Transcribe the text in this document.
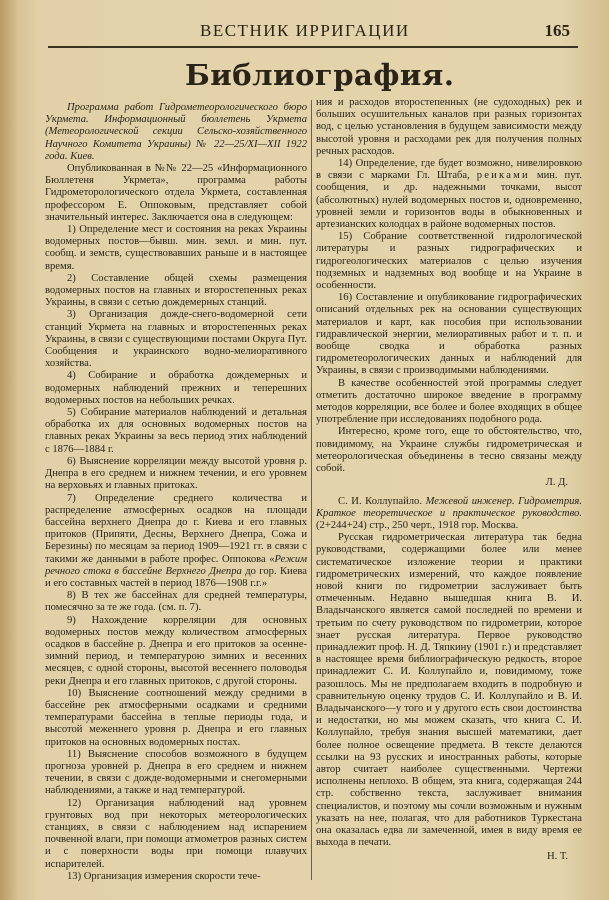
ВЕСТНИК ИРРИГАЦИИ	165
Библиография.

Программа работ Гидрометеорологического бюро Укрмета. Информационный бюллетень Укрмета (Метеорологической секции Сельско-хозяйственного Научного Комитета Украины) № 22—25/XI—XII 1922 года. Киев.

Опубликованная в №№ 22—25 «Информационного Бюллетеня Укрмета», программа работы Гидрометорологического отдела Укрмета, составленная профессором Е. Оппоковым, представляет собой значительный интерес. Заключается она в следующем:

1) Определение мест и состояния на реках Украины водомерных постов—бывш. мин. земл. и мин. пут. сообщ. и земств, существовавших раньше и в настоящее время.

2) Составление общей схемы размещения водомерных постов на главных и второстепенных реках Украины, в связи с сетью дождемерных станций.

3) Организация дожде-снего-водомерной сети станций Укрмета на главных и второстепенных реках Украины, в связи с существующими постами Округа Пут. Сообщения и украинского водно-мелиоративного хозяйства.

4) Собирание и обработка дождемерных и водомерных наблюдений прежних и теперешних водомерных постов на небольших речках.

5) Собирание материалов наблюдений и детальная обработка их для основных водомерных постов на главных реках Украины за весь период этих наблюдений с 1876—1884 г.

6) Выяснение корреляции между высотой уровня р. Днепра в его среднем и нижнем течении, и его уровнем на верховьях и главных притоках.

7) Определение среднего количества и распределение атмосферных осадков на площади бассейна верхнего Днепра до г. Киева и его главных притоков (Припяти, Десны, Верхнего Днепра, Сожа и Березины) по месяцам за период 1909—1921 гг. в связи с такими же данными в работе профес. Оппокова «Режим речного стока в бассейне Верхнего Днепра до гор. Киева и его составных частей в период 1876—1908 г.г.»

8) В тех же бассейнах для средней температуры, помесячно за те же года. (см. п. 7).

9) Нахождение корреляции для основных водомерных постов между количеством атмосферных осадков в бассейне р. Днепра и его притоков за осенне-зимний период, и температурою зимних и весенних месяцев, с одной стороны, высотой весеннего половодья реки Днепра и его главных притоков, с другой стороны.

10) Выяснение соотношений между средними в бассейне рек атмосферными осадками и средними температурами бассейна в теплые периоды года, и высотой меженнего уровня р. Днепра и его главных притоков на основных водомерных постах.

11) Выяснение способов возможного в будущем прогноза уровней р. Днепра в его среднем и нижнем течении, в связи с дожде-водомерными и снегомерными наблюдениями, а также и над температурой.

12) Организация наблюдений над уровнем грунтовых вод при некоторых метеорологических станциях, в связи с наблюдением над испарением почвенной влаги, при помощи атмометров разных систем и с поверхности воды при помощи плавучих испарителей.

13) Организация измерения скорости тече-

ния и расходов второстепенных (не судоходных) рек и больших осушительных каналов при разных горизонтах вод, с целью установления в будущем зависимости между высотой уровня и расходами рек для получения полных речных расходов.

14) Определение, где будет возможно, нивелировкою в связи с марками Гл. Штаба, реиками мин. пут. сообщения, и др. надежными точками, высот (абсолютных) нулей водомерных постов и, одновременно, уровней земли и горизонтов воды в обыкновенных и артезианских колодцах в районе водомерных постов.

15) Собрание соответственной гидрологической литературы и разных гидрографических и гидрогеологических материалов с целью изучения подземных и надземных вод вообще и на Украине в особенности.

16) Составление и опубликование гидрографических описаний отдельных рек на основании существующих материалов и карт, как пособия при использовании гидравлической энергии, мелиоративных работ и т. п. и вообще сводка и обработка разных гидрометеорологических данных и наблюдений для Украины, в связи с производимыми наблюдениями.

В качестве особенностей этой программы следует отметить достаточно широкое введение в программу методов корреляции, все более и более входящих в общее употребление при исследованиях подобного рода.

Интересно, кроме того, еще то обстоятельство, что, повидимому, на Украине службы гидрометрическая и метеорологическая объединены в тесно связаны между собой.

Л. Д.

С. И. Коллупайло. Межевой инженер. Гидрометрия. Краткое теоретическое и практическое руководство. (2+244+24) стр., 250 черт., 1918 гор. Москва.

Русская гидрометрическая литература так бедна руководствами, содержащими более или менее систематическое изложение теории и практики гидрометрических измерений, что каждое появление новой книги по гидрометрии заслуживает быть отмеченным. Недавно вышедшая книга В. И. Владычанского является самой последней по времени и третьим по счету руководством по гидрометрии, которое знает русская литература. Первое руководство принадлежит проф. Н. Д. Тяпкину (1901 г.) и представляет в настоящее время библиографическую редкость, второе принадлежит С. И. Коллупайло и, повидимому, тоже разошлось. Мы не предполагаем входить в подробную и сравнительную оценку трудов С. И. Коллупайло и В. И. Владычанского—у того и у другого есть свои достоинства и недостатки, но мы можем сказать, что книга С. И. Коллупайло, требуя знания высшей математики, дает более полное освещение предмета. В тексте делаются ссылки на 93 русских и иностранных работы, которые автор считает наиболее существенными. Чертежи исполнены неплохо. В общем, эта книга, содержащая 244 стр. собственно текста, заслуживает внимания специалистов, и поэтому мы сочли возможным и нужным указать на нее, полагая, что для работников Туркестана она оказалась едва ли замеченной, имея в виду время ее выхода в печати.

Н. Т.
